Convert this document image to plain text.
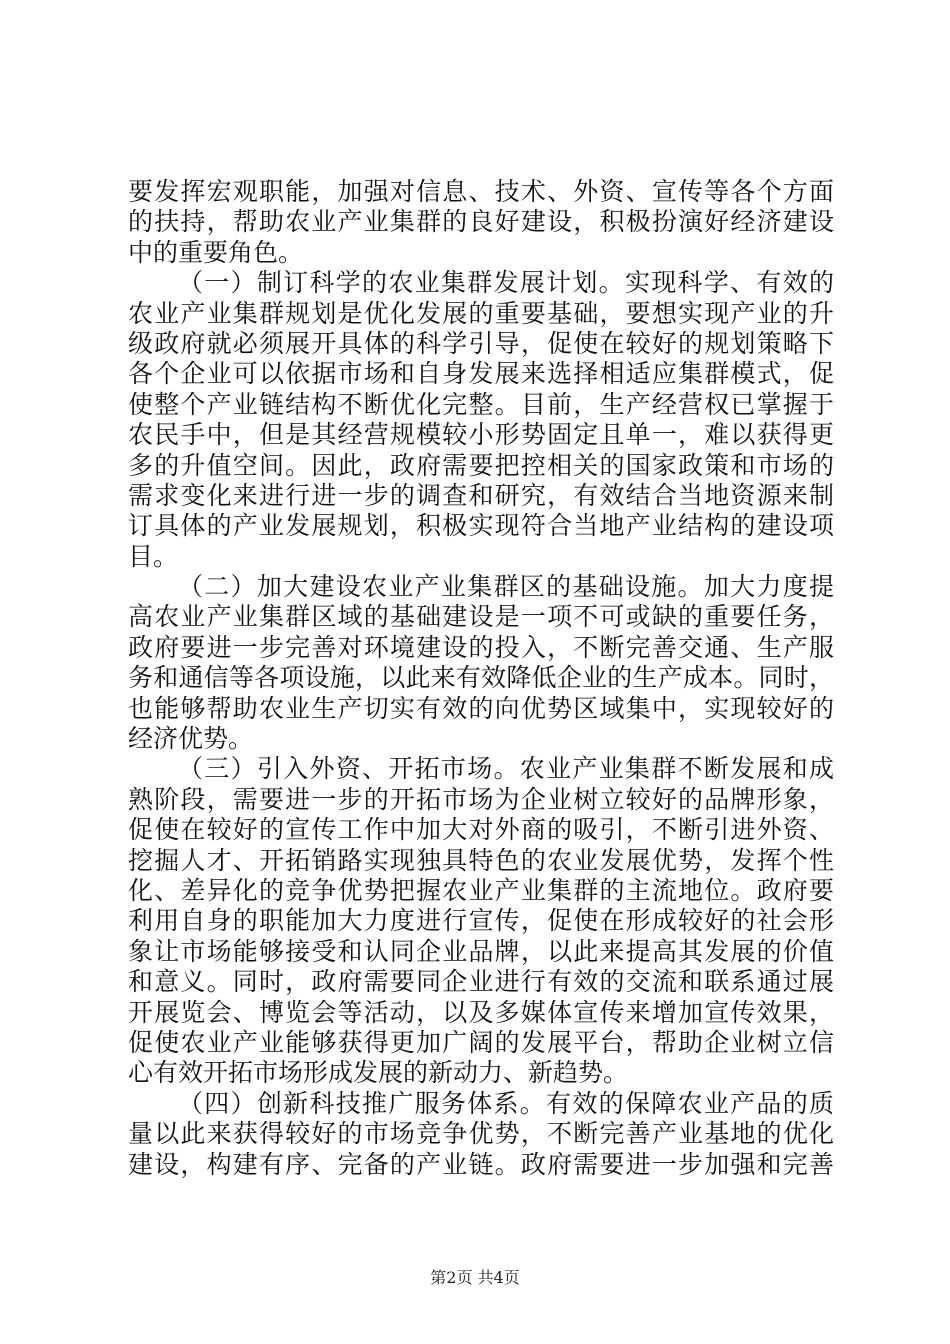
要发挥宏观职能，加强对信息、技术、外资、宣传等各个方面
的扶持，帮助农业产业集群的良好建设，积极扮演好经济建设
中的重要角色。
（一）制订科学的农业集群发展计划。实现科学、有效的
农业产业集群规划是优化发展的重要基础，要想实现产业的升
级政府就必须展开具体的科学引导，促使在较好的规划策略下
各个企业可以依据市场和自身发展来选择相适应集群模式，促
使整个产业链结构不断优化完整。目前，生产经营权已掌握于
农民手中，但是其经营规模较小形势固定且单一，难以获得更
多的升值空间。因此，政府需要把控相关的国家政策和市场的
需求变化来进行进一步的调查和研究，有效结合当地资源来制
订具体的产业发展规划，积极实现符合当地产业结构的建设项
目。
（二）加大建设农业产业集群区的基础设施。加大力度提
高农业产业集群区域的基础建设是一项不可或缺的重要任务，
政府要进一步完善对环境建设的投入，不断完善交通、生产服
务和通信等各项设施，以此来有效降低企业的生产成本。同时，
也能够帮助农业生产切实有效的向优势区域集中，实现较好的
经济优势。
（三）引入外资、开拓市场。农业产业集群不断发展和成
熟阶段，需要进一步的开拓市场为企业树立较好的品牌形象，
促使在较好的宣传工作中加大对外商的吸引，不断引进外资、
挖掘人才、开拓销路实现独具特色的农业发展优势，发挥个性
化、差异化的竞争优势把握农业产业集群的主流地位。政府要
利用自身的职能加大力度进行宣传，促使在形成较好的社会形
象让市场能够接受和认同企业品牌，以此来提高其发展的价值
和意义。同时，政府需要同企业进行有效的交流和联系通过展
开展览会、博览会等活动，以及多媒体宣传来增加宣传效果，
促使农业产业能够获得更加广阔的发展平台，帮助企业树立信
心有效开拓市场形成发展的新动力、新趋势。
（四）创新科技推广服务体系。有效的保障农业产品的质
量以此来获得较好的市场竞争优势，不断完善产业基地的优化
建设，构建有序、完备的产业链。政府需要进一步加强和完善
第2页 共4页
